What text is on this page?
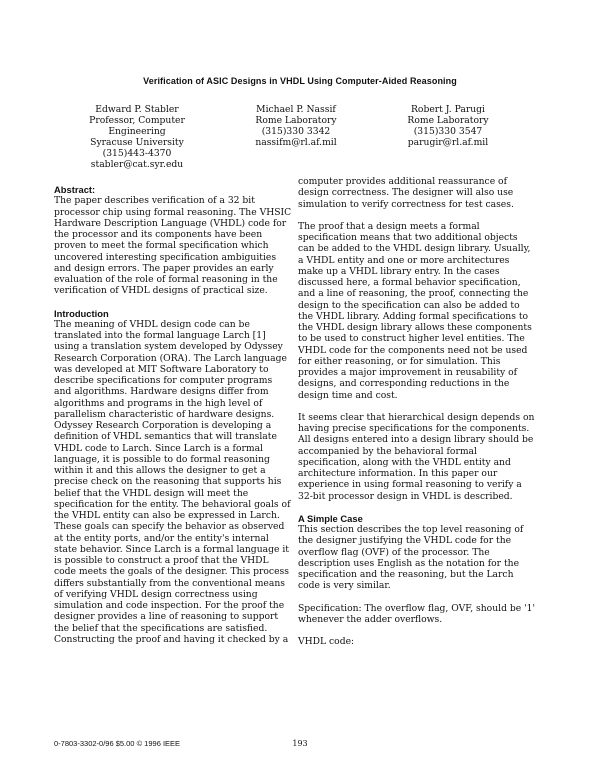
Verification of ASIC Designs in VHDL Using Computer-Aided Reasoning
Edward P. Stabler
Professor, Computer
Engineering
Syracuse University
(315)443-4370
stabler@cat.syr.edu
Michael P. Nassif
Rome Laboratory
(315)330 3342
nassifm@rl.af.mil
Robert J. Parugi
Rome Laboratory
(315)330 3547
parugir@rl.af.mil
Abstract:

The paper describes verification of a 32 bit processor chip using formal reasoning. The VHSIC Hardware Description Language (VHDL) code for the processor and its components have been proven to meet the formal specification which uncovered interesting specification ambiguities and design errors. The paper provides an early evaluation of the role of formal reasoning in the verification of VHDL designs of practical size.

Introduction

The meaning of VHDL design code can be translated into the formal language Larch [1] using a translation system developed by Odyssey Research Corporation (ORA). The Larch language was developed at MIT Software Laboratory to describe specifications for computer programs and algorithms. Hardware designs differ from algorithms and programs in the high level of parallelism characteristic of hardware designs. Odyssey Research Corporation is developing a definition of VHDL semantics that will translate VHDL code to Larch. Since Larch is a formal language, it is possible to do formal reasoning within it and this allows the designer to get a precise check on the reasoning that supports his belief that the VHDL design will meet the specification for the entity. The behavioral goals of the VHDL entity can also be expressed in Larch. These goals can specify the behavior as observed at the entity ports, and/or the entity's internal state behavior. Since Larch is a formal language it is possible to construct a proof that the VHDL code meets the goals of the designer. This process differs substantially from the conventional means of verifying VHDL design correctness using simulation and code inspection. For the proof the designer provides a line of reasoning to support the belief that the specifications are satisfied. Constructing the proof and having it checked by a

computer provides additional reassurance of design correctness. The designer will also use simulation to verify correctness for test cases.

The proof that a design meets a formal specification means that two additional objects can be added to the VHDL design library. Usually, a VHDL entity and one or more architectures make up a VHDL library entry. In the cases discussed here, a formal behavior specification, and a line of reasoning, the proof, connecting the design to the specification can also be added to the VHDL library. Adding formal specifications to the VHDL design library allows these components to be used to construct higher level entities. The VHDL code for the components need not be used for either reasoning, or for simulation. This provides a major improvement in reusability of designs, and corresponding reductions in the design time and cost.

It seems clear that hierarchical design depends on having precise specifications for the components. All designs entered into a design library should be accompanied by the behavioral formal specification, along with the VHDL entity and architecture information. In this paper our experience in using formal reasoning to verify a 32-bit processor design in VHDL is described.

A Simple Case

This section describes the top level reasoning of the designer justifying the VHDL code for the overflow flag (OVF) of the processor. The description uses English as the notation for the specification and the reasoning, but the Larch code is very similar.

Specification: The overflow flag, OVF, should be '1' whenever the adder overflows.

VHDL code:

0-7803-3302-0/96 $5.00 © 1996 IEEE	193
